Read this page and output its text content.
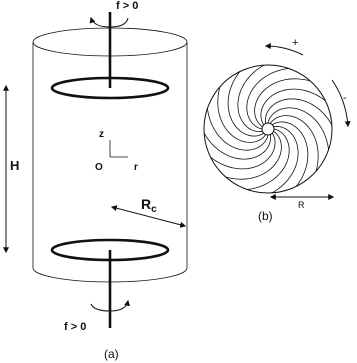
f > 0
f > 0
H
z
O	r
$R_c$
(a)
+
-
R
(b)
